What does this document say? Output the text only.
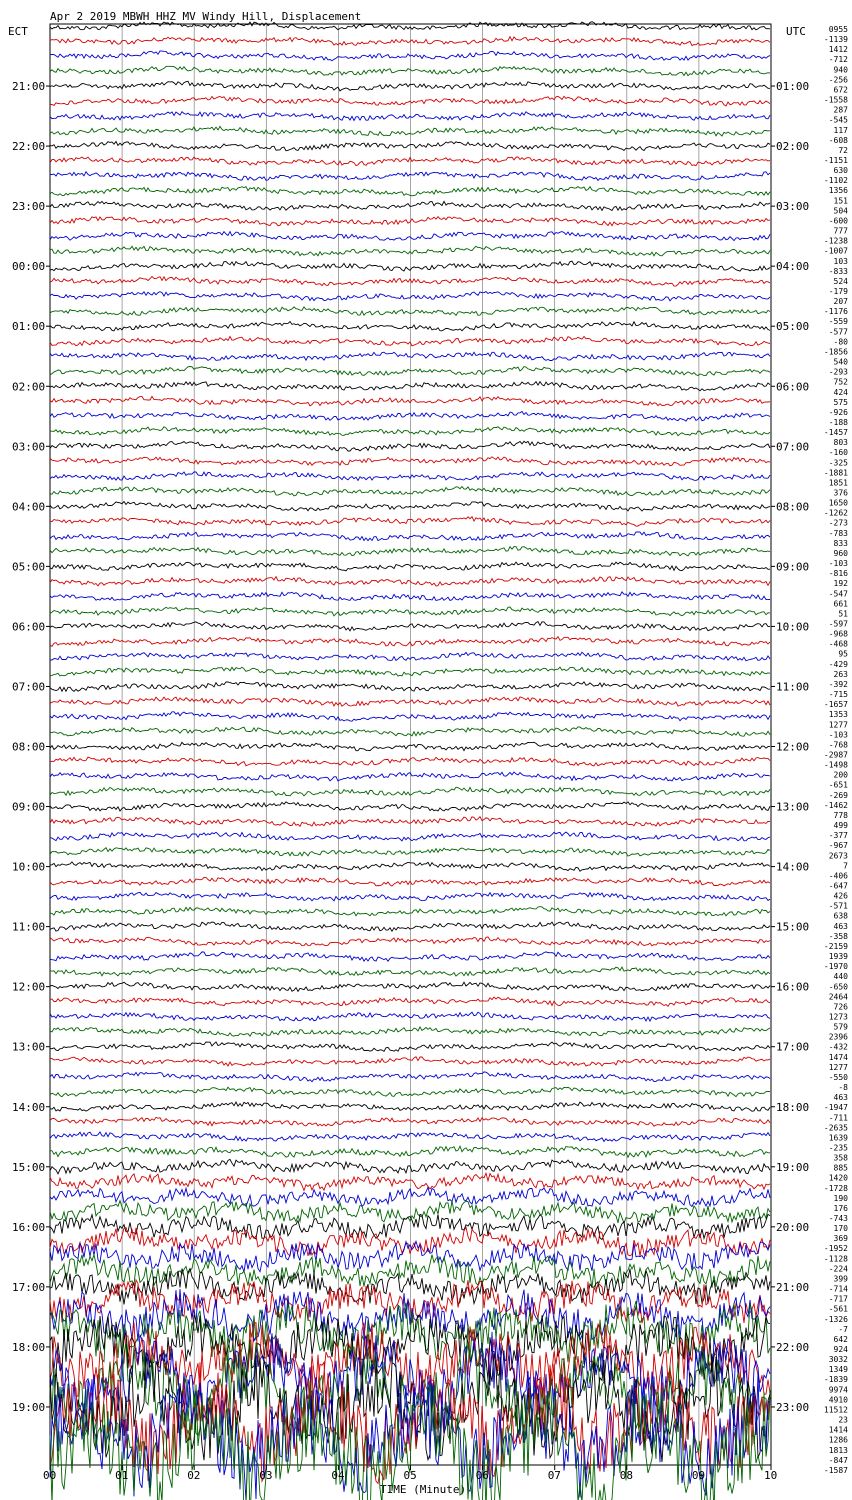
Apr 2 2019 MBWH HHZ MV Windy Hill, Displacement
ECT	UTC
TIME (Minute)
00	01	02	03	04	05	06	07	08	09	10
21:00
22:00
23:00
00:00
01:00
02:00
03:00
04:00
05:00
06:00
07:00
08:00
09:00
10:00
11:00
12:00
13:00
14:00
15:00
16:00
17:00
18:00
19:00
01:00
02:00
03:00
04:00
05:00
06:00
07:00
08:00
09:00
10:00
11:00
12:00
13:00
14:00
15:00
16:00
17:00
18:00
19:00
20:00
21:00
22:00
23:00
0955
-1139
1412
-712
940
-256
672
-1558
287
-545
117
-608
72
-1151
630
-1102
1356
151
504
-600
777
-1238
-1007
103
-833
524
-179
207
-1176
-559
-577
-80
-1856
540
-293
752
424
575
-926
-188
-1457
803
-160
-325
-1881
1851
376
1650
-1262
-273
-783
833
960
-103
-816
192
-547
661
51
-597
-968
-468
95
-429
263
-392
-715
-1657
1353
1277
-103
-768
-2987
-1498
200
-651
-269
-1462
778
499
-377
-967
2673
7
-406
-647
426
-571
638
463
-358
-2159
1939
-1970
440
-650
2464
726
1273
579
2396
-432
1474
1277
-550
-8
463
-1947
-711
-2635
1639
-235
358
885
1420
-1728
190
176
-743
170
369
-1952
-1128
-224
399
-714
-717
-561
-1326
-7
642
924
3032
1349
-1839
9974
4910
11512
23
1414
1286
1813
-847
-1587
